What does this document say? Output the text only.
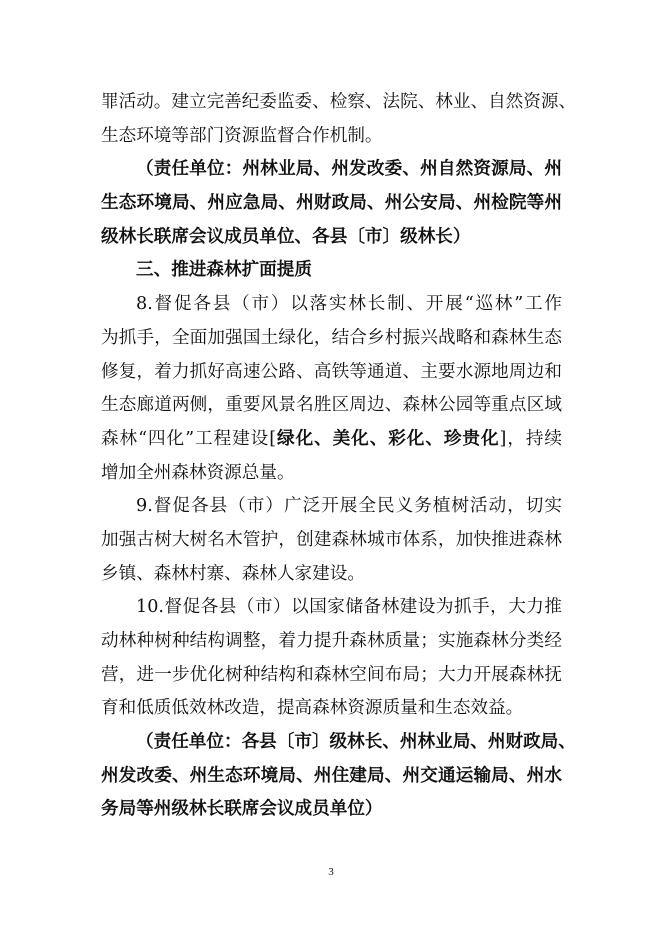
罪活动。建立完善纪委监委、检察、法院、林业、自然资源、
生态环境等部门资源监督合作机制。
（责任单位：州林业局、州发改委、州自然资源局、州
生态环境局、州应急局、州财政局、州公安局、州检院等州
级林长联席会议成员单位、各县〔市〕级林长）
三、推进森林扩面提质
8.督促各县（市）以落实林长制、开展“巡林”工作
为抓手，全面加强国土绿化，结合乡村振兴战略和森林生态
修复，着力抓好高速公路、高铁等通道、主要水源地周边和
生态廊道两侧，重要风景名胜区周边、森林公园等重点区域
森林“四化”工程建设[绿化、美化、彩化、珍贵化]，持续
增加全州森林资源总量。
9.督促各县（市）广泛开展全民义务植树活动，切实
加强古树大树名木管护，创建森林城市体系，加快推进森林
乡镇、森林村寨、森林人家建设。
10.督促各县（市）以国家储备林建设为抓手，大力推
动林种树种结构调整，着力提升森林质量；实施森林分类经
营，进一步优化树种结构和森林空间布局；大力开展森林抚
育和低质低效林改造，提高森林资源质量和生态效益。
（责任单位：各县〔市〕级林长、州林业局、州财政局、
州发改委、州生态环境局、州住建局、州交通运输局、州水
务局等州级林长联席会议成员单位）
3
